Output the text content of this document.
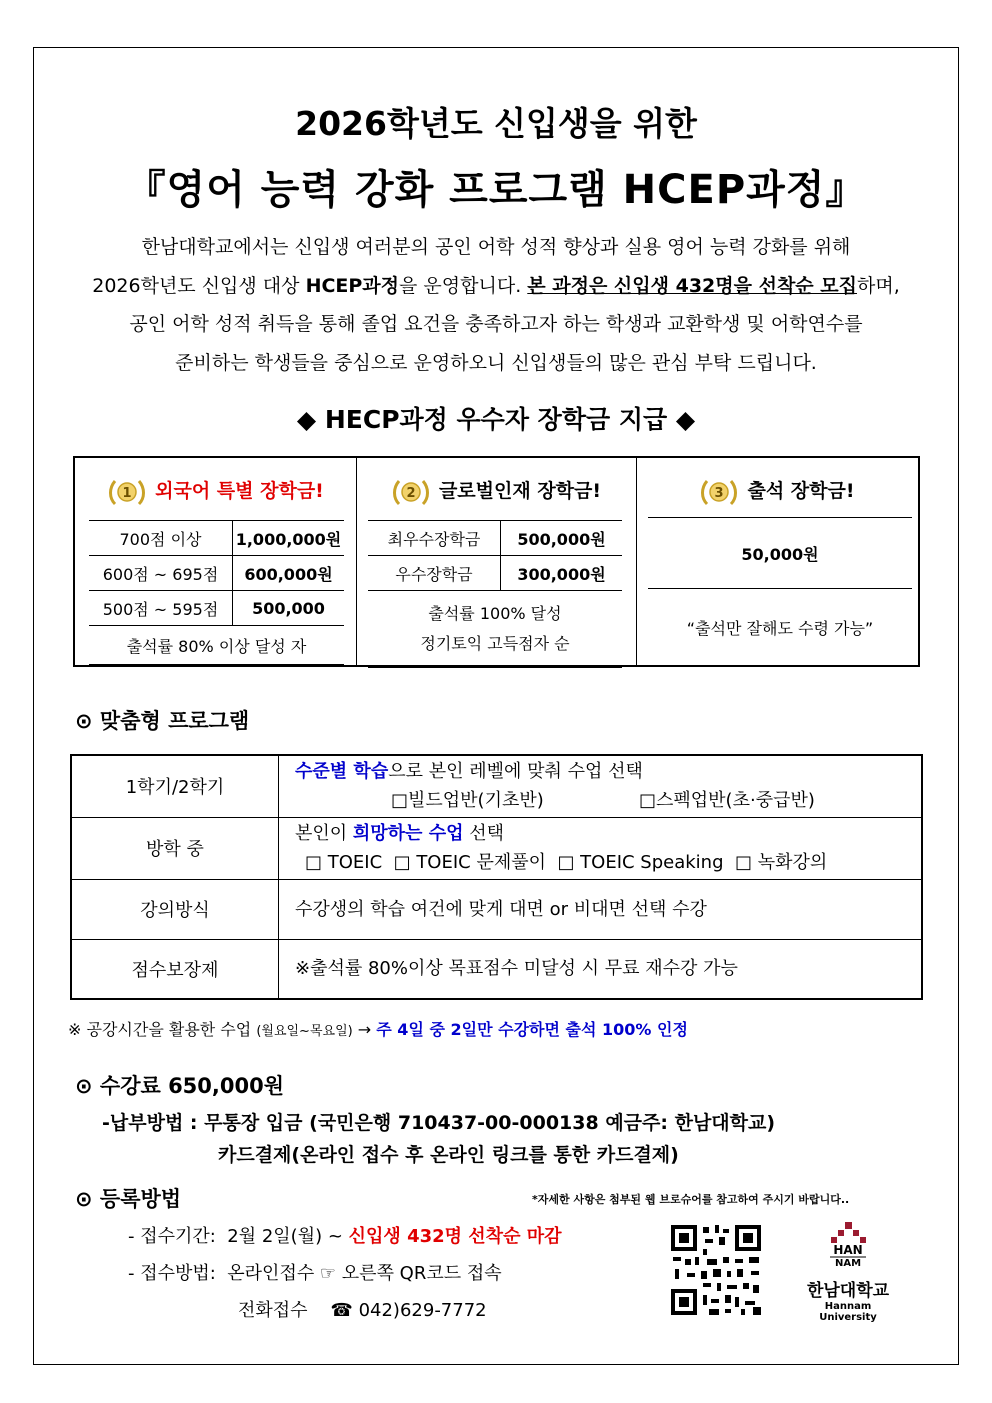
2026학년도 신입생을 위한
『영어 능력 강화 프로그램 HCEP과정』
한남대학교에서는 신입생 여러분의 공인 어학 성적 향상과 실용 영어 능력 강화를 위해
2026학년도 신입생 대상 HCEP과정을 운영합니다. 본 과정은 신입생 432명을 선착순 모집하며,
공인 어학 성적 취득을 통해 졸업 요건을 충족하고자 하는 학생과 교환학생 및 어학연수를
준비하는 학생들을 중심으로 운영하오니 신입생들의 많은 관심 부탁 드립니다.
◆ HECP과정 우수자 장학금 지급 ◆
1 외국어 특별 장학금!
700점 이상	1,000,000원
600점 ~ 695점	600,000원
500점 ~ 595점	500,000
출석률 80% 이상 달성 자	
2 글로벌인재 장학금!
최우수장학금	500,000원
우수장학금	300,000원

출석률 100% 달성
정기토익 고득점자 순	
3 출석 장학금!
50,000원
“출석만 잘해도 수령 가능”
⊙ 맞춤형 프로그램
1학기/2학기	수준별 학습으로 본인 레벨에 맞춰 수업 선택
□빌드업반(기초반) □스펙업반(초·중급반)

방학 중	본인이 희망하는 수업 선택
□ TOEIC  □ TOEIC 문제풀이  □ TOEIC Speaking  □ 녹화강의

강의방식	수강생의 학습 여건에 맞게 대면 or 비대면 선택 수강
점수보장제	※출석률 80%이상 목표점수 미달성 시 무료 재수강 가능
※ 공강시간을 활용한 수업 (월요일~목요일) → 주 4일 중 2일만 수강하면 출석 100% 인정
⊙ 수강료 650,000원
-납부방법 : 무통장 입금 (국민은행 710437-00-000138 예금주: 한남대학교)
카드결제(온라인 접수 후 온라인 링크를 통한 카드결제)
⊙ 등록방법	*자세한 사항은 첨부된 웹 브로슈어를 참고하여 주시기 바랍니다..
- 접수기간:  2월 2일(월) ~ 신입생 432명 선착순 마감
- 접수방법:  온라인접수 ☞ 오른쪽 QR코드 접속
전화접수    ☎ 042)629-7772
HAN
NAM
한남대학교
Hannam University
